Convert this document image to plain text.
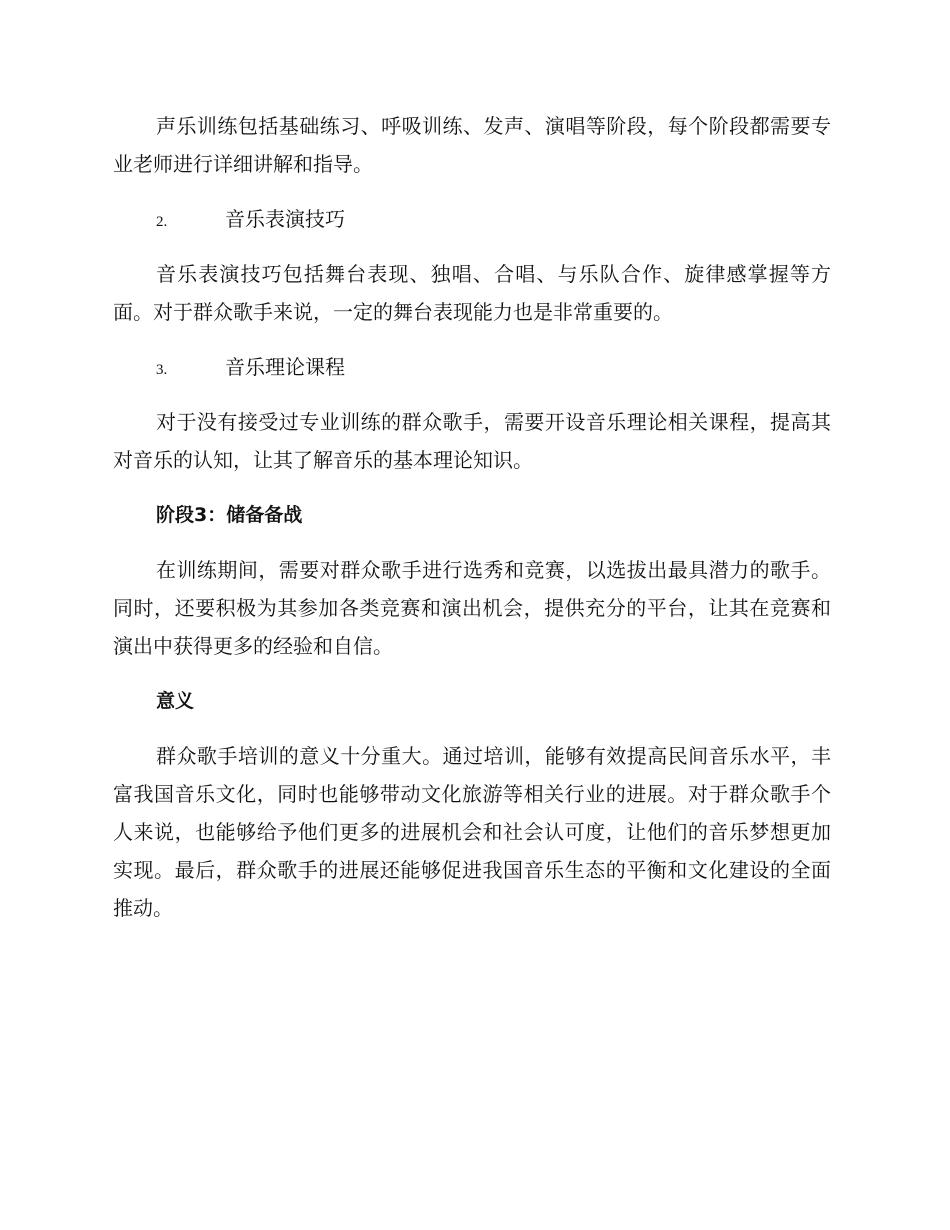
声乐训练包括基础练习、呼吸训练、发声、演唱等阶段，每个阶段都需要专业老师进行详细讲解和指导。

2.	音乐表演技巧

音乐表演技巧包括舞台表现、独唱、合唱、与乐队合作、旋律感掌握等方面。对于群众歌手来说，一定的舞台表现能力也是非常重要的。

3.	音乐理论课程

对于没有接受过专业训练的群众歌手，需要开设音乐理论相关课程，提高其对音乐的认知，让其了解音乐的基本理论知识。

阶段3：储备备战

在训练期间，需要对群众歌手进行选秀和竞赛，以选拔出最具潜力的歌手。同时，还要积极为其参加各类竞赛和演出机会，提供充分的平台，让其在竞赛和演出中获得更多的经验和自信。

意义

群众歌手培训的意义十分重大。通过培训，能够有效提高民间音乐水平，丰富我国音乐文化，同时也能够带动文化旅游等相关行业的进展。对于群众歌手个人来说，也能够给予他们更多的进展机会和社会认可度，让他们的音乐梦想更加实现。最后，群众歌手的进展还能够促进我国音乐生态的平衡和文化建设的全面推动。
